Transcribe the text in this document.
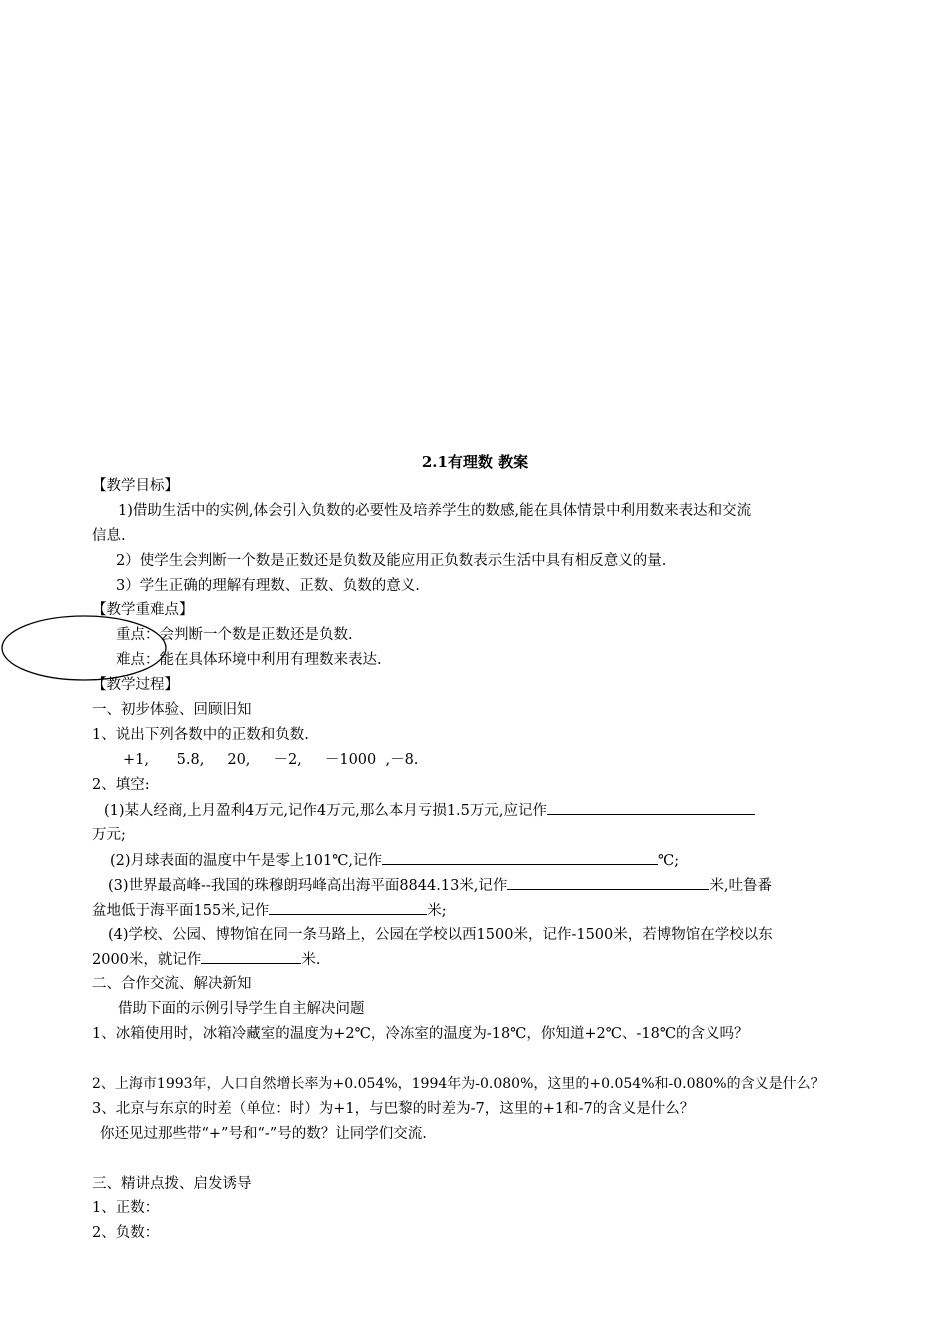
2.1有理数 教案
【教学目标】
1)借助生活中的实例,体会引入负数的必要性及培养学生的数感,能在具体情景中利用数来表达和交流
信息.
2）使学生会判断一个数是正数还是负数及能应用正负数表示生活中具有相反意义的量.
3）学生正确的理解有理数、正数、负数的意义.
【教学重难点】
重点：会判断一个数是正数还是负数.
难点：能在具体环境中利用有理数来表达.
【教学过程】
一、初步体验、回顾旧知
1、说出下列各数中的正数和负数.
+1,      5.8,     20,     －2,     －1000  ,－8.
2、填空:
(1)某人经商,上月盈利4万元,记作4万元,那么本月亏损1.5万元,应记作
万元;
(2)月球表面的温度中午是零上101℃,记作	℃;
(3)世界最高峰--我国的珠穆朗玛峰高出海平面8844.13米,记作	米,吐鲁番
盆地低于海平面155米,记作	米;
(4)学校、公园、博物馆在同一条马路上，公园在学校以西1500米，记作-1500米，若博物馆在学校以东
2000米，就记作	米.
二、合作交流、解决新知
借助下面的示例引导学生自主解决问题
1、冰箱使用时，冰箱冷藏室的温度为+2℃，冷冻室的温度为-18℃，你知道+2℃、-18℃的含义吗？
2、上海市1993年，人口自然增长率为+0.054%，1994年为-0.080%，这里的+0.054%和-0.080%的含义是什么？
3、北京与东京的时差（单位：时）为+1，与巴黎的时差为-7，这里的+1和-7的含义是什么？
你还见过那些带“+”号和“-”号的数？让同学们交流.
三、精讲点拨、启发诱导
1、正数：
2、负数：
